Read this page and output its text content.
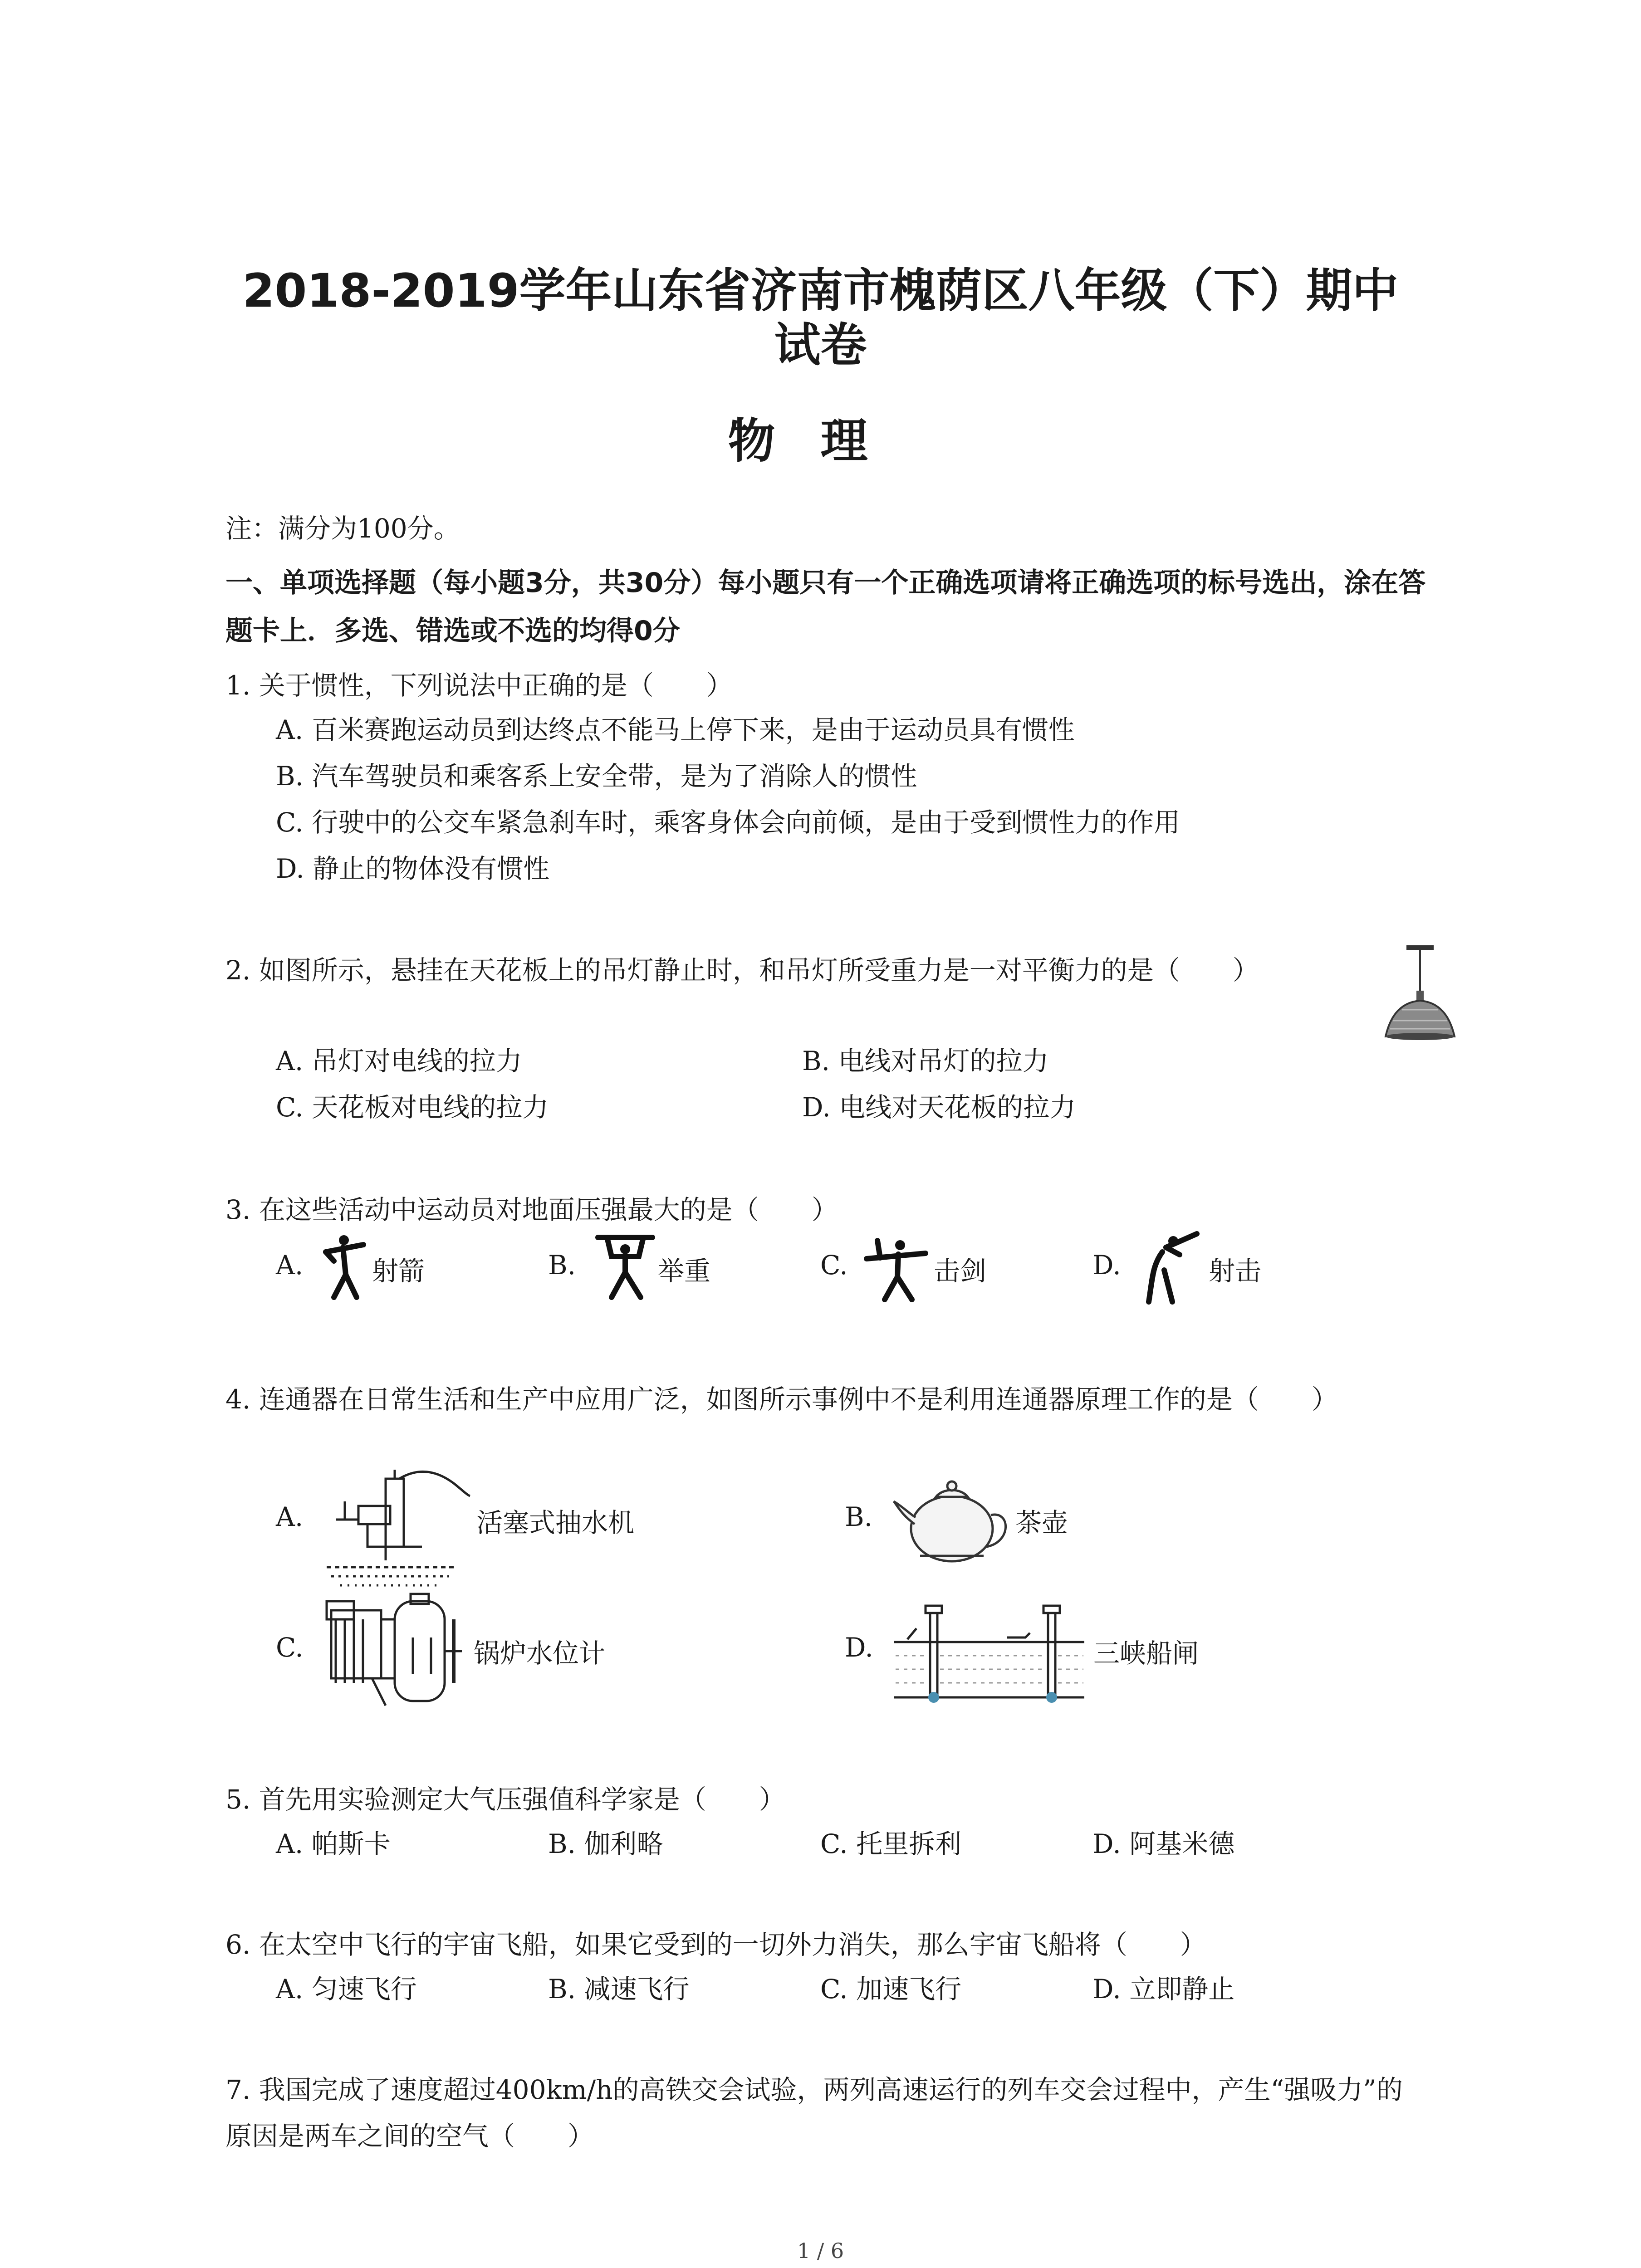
2018-2019学年山东省济南市槐荫区八年级（下）期中
试卷
物理
注：满分为100分。
一、单项选择题（每小题3分，共30分）每小题只有一个正确选项请将正确选项的标号选出，涂在答题卡上．多选、错选或不选的均得0分
1. 关于惯性，下列说法中正确的是（　　）
A. 百米赛跑运动员到达终点不能马上停下来，是由于运动员具有惯性
B. 汽车驾驶员和乘客系上安全带，是为了消除人的惯性
C. 行驶中的公交车紧急刹车时，乘客身体会向前倾，是由于受到惯性力的作用
D. 静止的物体没有惯性
2. 如图所示，悬挂在天花板上的吊灯静止时，和吊灯所受重力是一对平衡力的是（　　）
A. 吊灯对电线的拉力	B. 电线对吊灯的拉力
C. 天花板对电线的拉力	D. 电线对天花板的拉力
3. 在这些活动中运动员对地面压强最大的是（　　）
A.	射箭	B.	举重	C.	击剑	D.	射击
4. 连通器在日常生活和生产中应用广泛，如图所示事例中不是利用连通器原理工作的是（　　）
A.	活塞式抽水机	B.	茶壶
C.	锅炉水位计	D.	三峡船闸
5. 首先用实验测定大气压强值科学家是（　　）
A. 帕斯卡	B. 伽利略	C. 托里拆利	D. 阿基米德
6. 在太空中飞行的宇宙飞船，如果它受到的一切外力消失，那么宇宙飞船将（　　）
A. 匀速飞行	B. 减速飞行	C. 加速飞行	D. 立即静止
7. 我国完成了速度超过400km/h的高铁交会试验，两列高速运行的列车交会过程中，产生“强吸力”的原因是两车之间的空气（　　）
1 / 6
